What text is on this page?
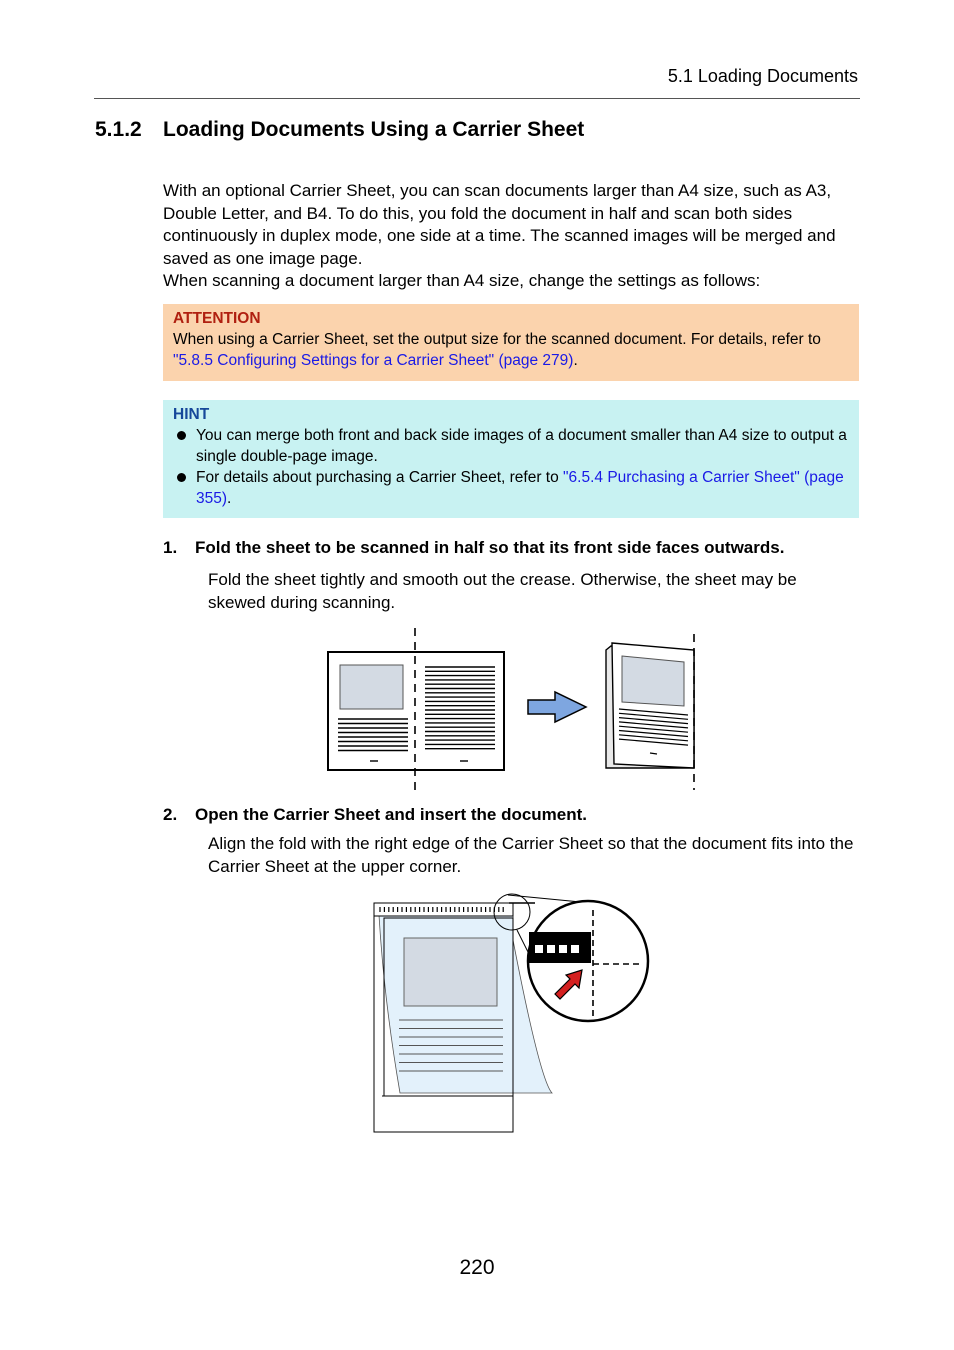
5.1 Loading Documents
5.1.2 Loading Documents Using a Carrier Sheet

With an optional Carrier Sheet, you can scan documents larger than A4 size, such as A3, Double Letter, and B4. To do this, you fold the document in half and scan both sides continuously in duplex mode, one side at a time. The scanned images will be merged and saved as one image page.

When scanning a document larger than A4 size, change the settings as follows:

ATTENTION
When using a Carrier Sheet, set the output size for the scanned document. For details, refer to "5.8.5 Configuring Settings for a Carrier Sheet" (page 279).
HINT
You can merge both front and back side images of a document smaller than A4 size to output a single double-page image.
For details about purchasing a Carrier Sheet, refer to "6.5.4 Purchasing a Carrier Sheet" (page 355).
1. Fold the sheet to be scanned in half so that its front side faces outwards.

Fold the sheet tightly and smooth out the crease. Otherwise, the sheet may be skewed during scanning.

2. Open the Carrier Sheet and insert the document.

Align the fold with the right edge of the Carrier Sheet so that the document fits into the Carrier Sheet at the upper corner.

220
